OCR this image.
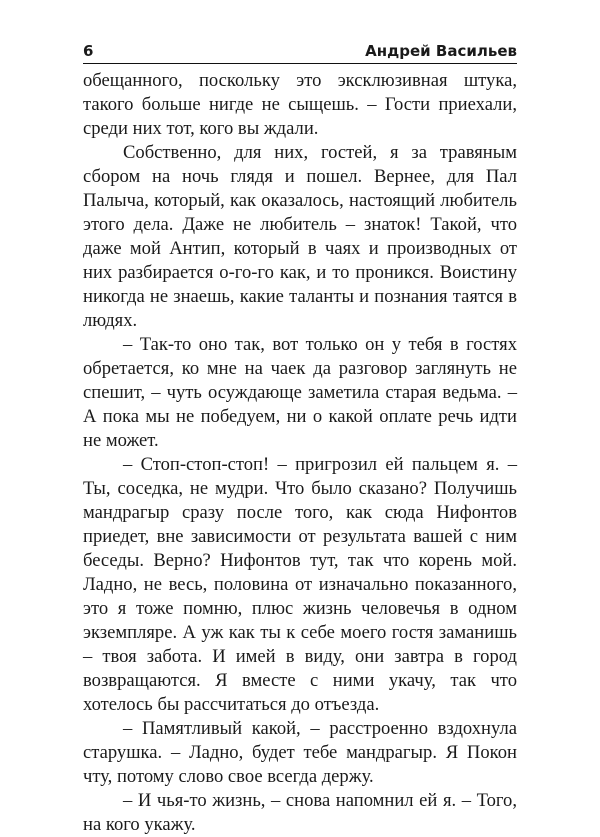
6	Андрей Васильев

обещанного, поскольку это эксклюзивная штука, такого больше нигде не сыщешь. – Гости приехали, среди них тот, кого вы ждали.

Собственно, для них, гостей, я за травяным сбором на ночь глядя и пошел. Вернее, для Пал Палыча, который, как оказалось, настоящий любитель этого дела. Даже не любитель – знаток! Такой, что даже мой Антип, который в чаях и производных от них разбирается о-го-го как, и то проникся. Воистину никогда не знаешь, какие таланты и познания таятся в людях.

– Так-то оно так, вот только он у тебя в гостях обретается, ко мне на чаек да разговор заглянуть не спешит, – чуть осуждающе заметила старая ведьма. – А пока мы не победуем, ни о какой оплате речь идти не может.

– Стоп-стоп-стоп! – пригрозил ей пальцем я. – Ты, соседка, не мудри. Что было сказано? Получишь мандрагыр сразу после того, как сюда Нифонтов приедет, вне зависимости от результата вашей с ним беседы. Верно? Нифонтов тут, так что корень мой. Ладно, не весь, половина от изначально показанного, это я тоже помню, плюс жизнь человечья в одном экземпляре. А уж как ты к себе моего гостя заманишь – твоя забота. И имей в виду, они завтра в город возвращаются. Я вместе с ними укачу, так что хотелось бы рассчитаться до отъезда.

– Памятливый какой, – расстроенно вздохнула старушка. – Ладно, будет тебе мандрагыр. Я Покон чту, потому слово свое всегда держу.

– И чья-то жизнь, – снова напомнил ей я. – Того, на кого укажу.
